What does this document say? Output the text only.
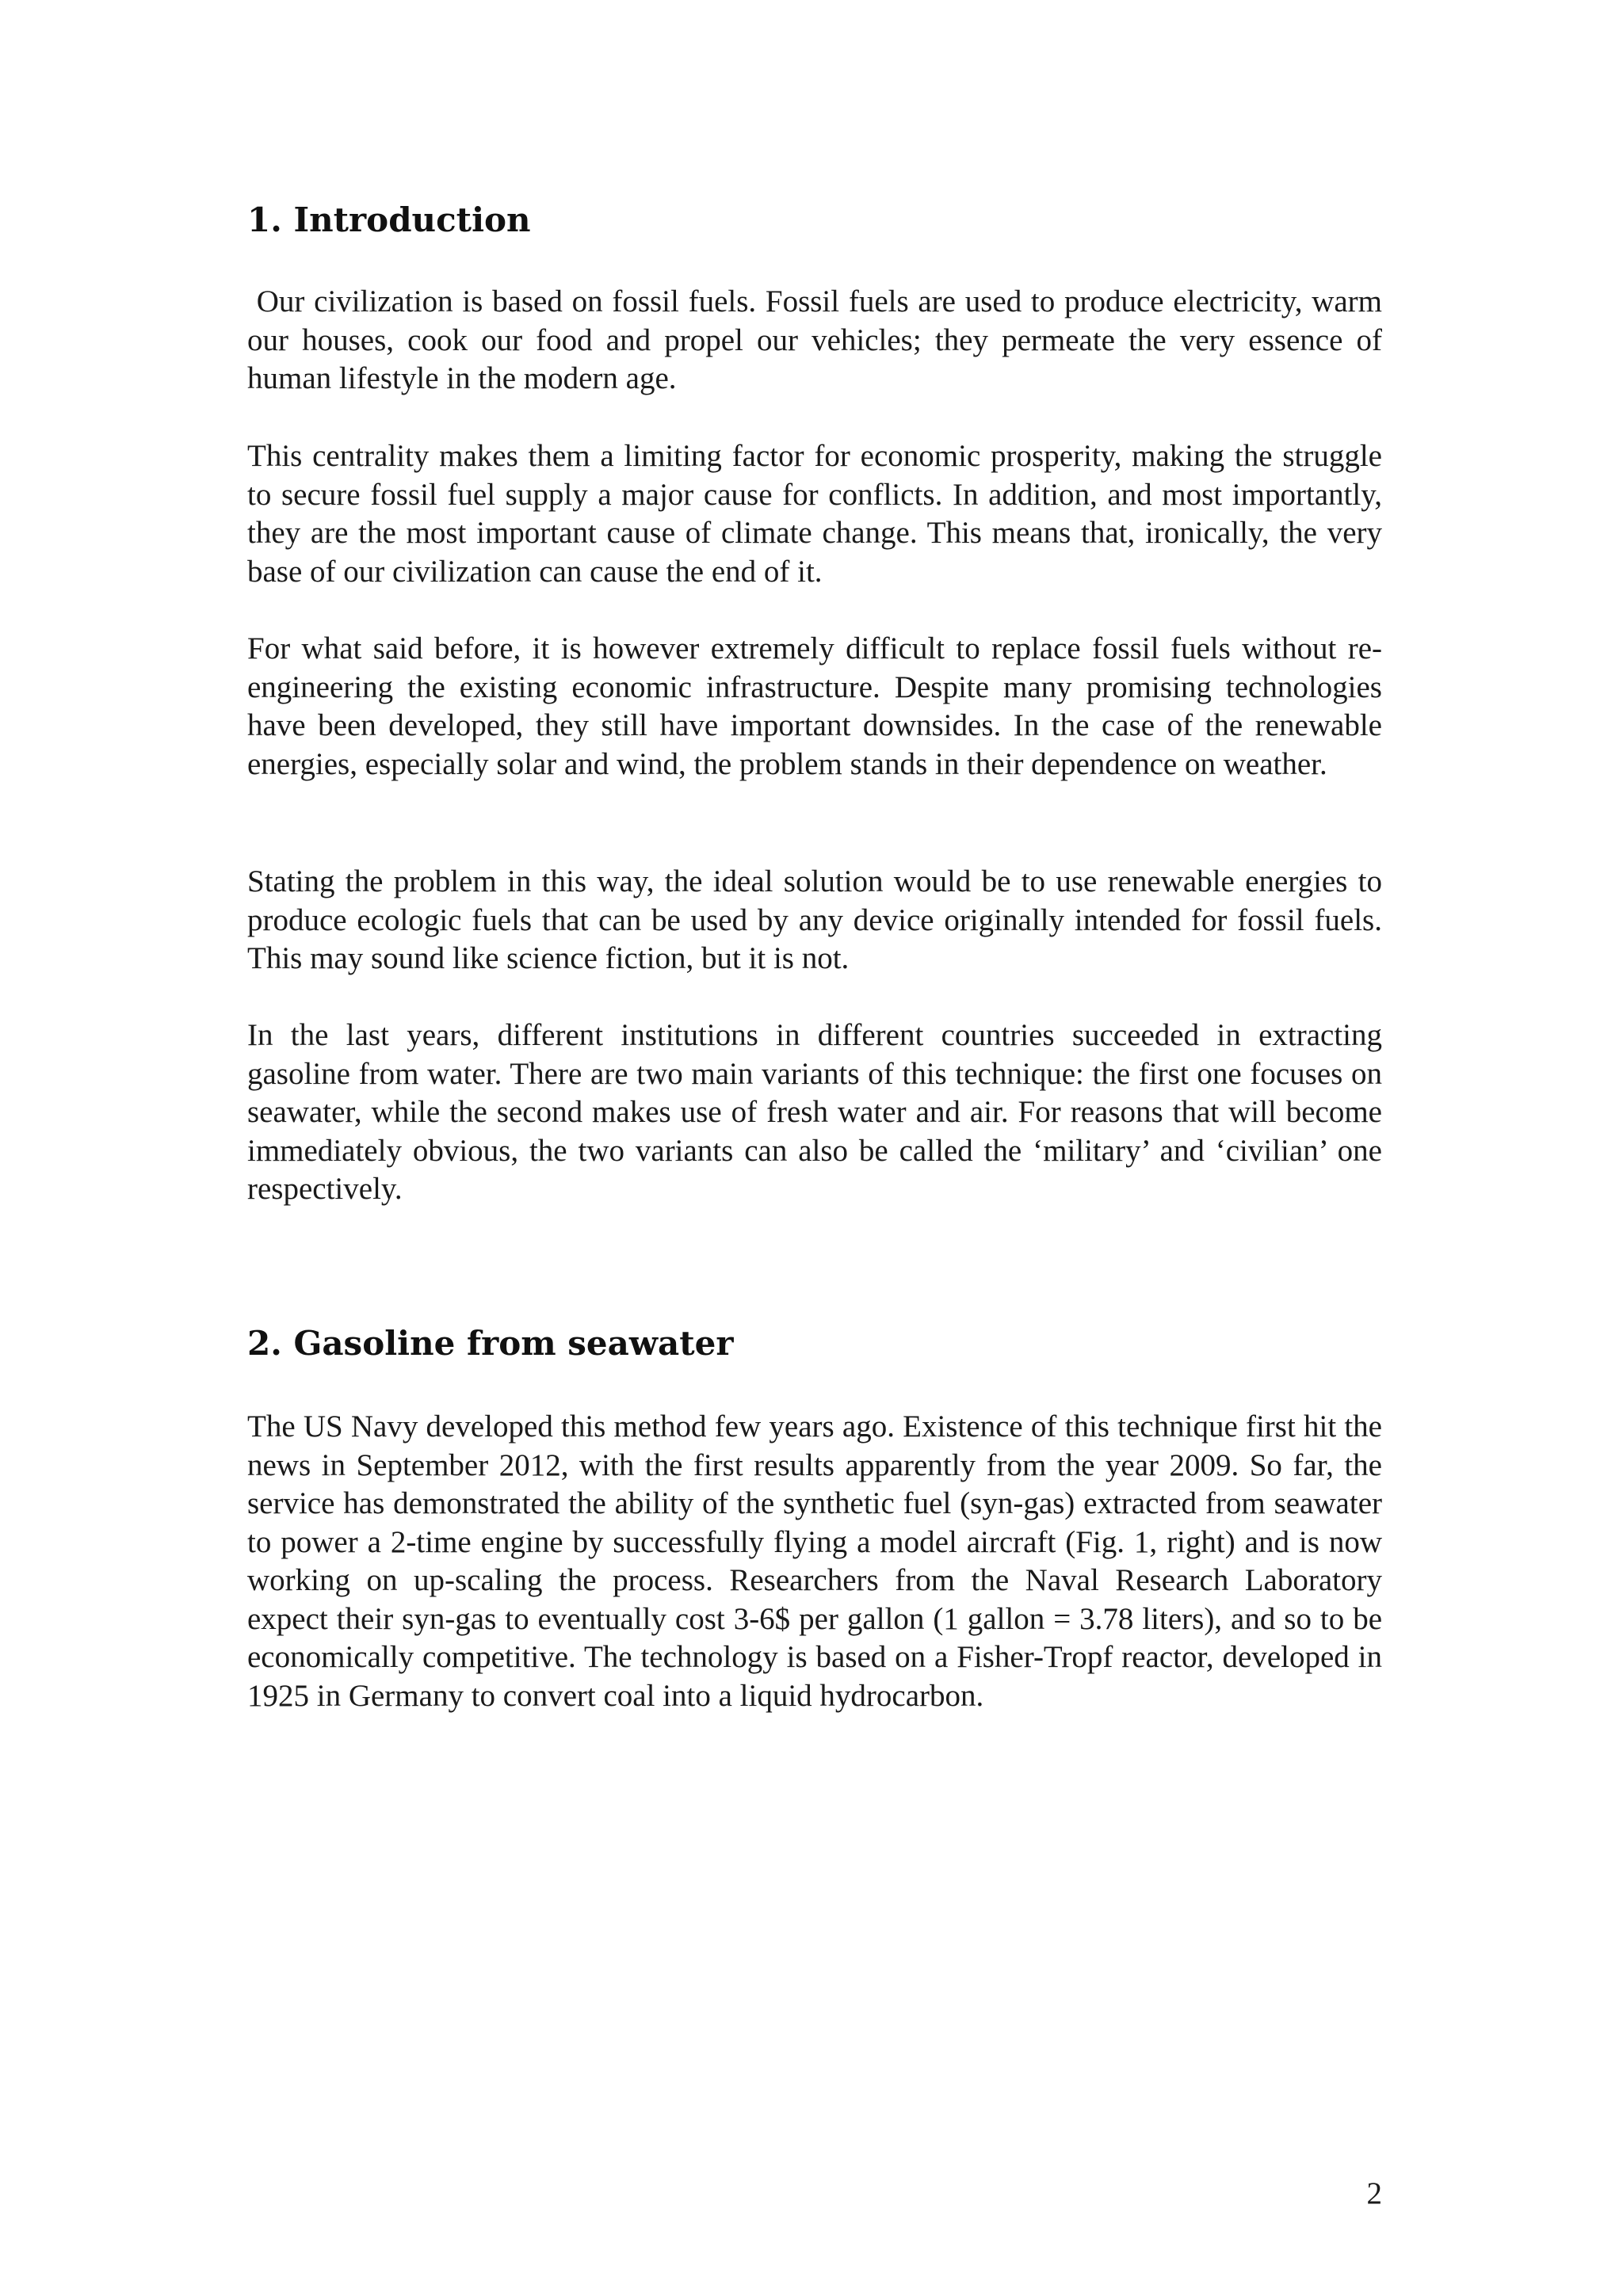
1. Introduction

Our civilization is based on fossil fuels. Fossil fuels are used to produce electricity, warm our houses, cook our food and propel our vehicles; they permeate the very essence of human lifestyle in the modern age.

This centrality makes them a limiting factor for economic prosperity, making the struggle to secure fossil fuel supply a major cause for conflicts. In addition, and most importantly, they are the most important cause of climate change. This means that, ironically, the very base of our civilization can cause the end of it.

For what said before, it is however extremely difficult to replace fossil fuels without re-engineering the existing economic infrastructure. Despite many promising technologies have been developed, they still have important downsides. In the case of the renewable energies, especially solar and wind, the problem stands in their dependence on weather.

Stating the problem in this way, the ideal solution would be to use renewable energies to produce ecologic fuels that can be used by any device originally intended for fossil fuels. This may sound like science fiction, but it is not.

In the last years, different institutions in different countries succeeded in extracting gasoline from water. There are two main variants of this technique: the first one focuses on seawater, while the second makes use of fresh water and air. For reasons that will become immediately obvious, the two variants can also be called the ‘military’ and ‘civilian’ one respectively.

2. Gasoline from seawater

The US Navy developed this method few years ago. Existence of this technique first hit the news in September 2012, with the first results apparently from the year 2009. So far, the service has demonstrated the ability of the synthetic fuel (syn-gas) extracted from seawater to power a 2-time engine by successfully flying a model aircraft (Fig. 1, right) and is now working on up-scaling the process. Researchers from the Naval Research Laboratory expect their syn-gas to eventually cost 3-6$ per gallon (1 gallon = 3.78 liters), and so to be economically competitive. The technology is based on a Fisher-Tropf reactor, developed in 1925 in Germany to convert coal into a liquid hydrocarbon.

2
